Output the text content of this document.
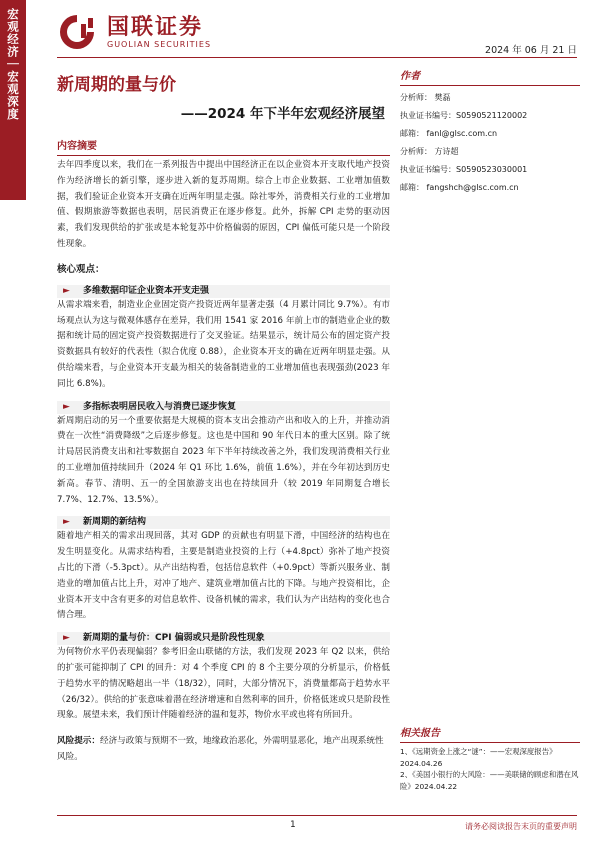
宏观经济｜宏观深度	国联证券
GUOLIAN SECURITIES
2024 年 06 月 21 日
新周期的量与价
——2024 年下半年宏观经济展望
内容摘要
去年四季度以来，我们在一系列报告中提出中国经济正在以企业资本开支取代地产投资作为经济增长的新引擎，逐步进入新的复苏周期。综合上市企业数据、工业增加值数据，我们验证企业资本开支确在近两年明显走强。除社零外，消费相关行业的工业增加值、假期旅游等数据也表明，居民消费正在逐步修复。此外，拆解 CPI 走势的驱动因素，我们发现供给的扩张或是本轮复苏中价格偏弱的原因，CPI 偏低可能只是一个阶段性现象。
核心观点：
► 多维数据印证企业资本开支走强
从需求端来看，制造业企业固定资产投资近两年显著走强（4 月累计同比 9.7%）。有市场观点认为这与微观体感存在差异，我们用 1541 家 2016 年前上市的制造业企业的数据和统计局的固定资产投资数据进行了交叉验证。结果显示，统计局公布的固定资产投资数据具有较好的代表性（拟合优度 0.88），企业资本开支的确在近两年明显走强。从供给端来看，与企业资本开支最为相关的装备制造业的工业增加值也表现强劲(2023 年同比 6.8%)。
► 多指标表明居民收入与消费已逐步恢复
新周期启动的另一个重要依据是大规模的资本支出会推动产出和收入的上升，并推动消费在一次性“消费降级”之后逐步修复。这也是中国和 90 年代日本的重大区别。除了统计局居民消费支出和社零数据自 2023 年下半年持续改善之外，我们发现消费相关行业的工业增加值持续回升（2024 年 Q1 环比 1.6%，前值 1.6%），并在今年初达到历史新高。春节、清明、五一的全国旅游支出也在持续回升（较 2019 年同期复合增长 7.7%、12.7%、13.5%）。
► 新周期的新结构
随着地产相关的需求出现回落，其对 GDP 的贡献也有明显下滑，中国经济的结构也在发生明显变化。从需求结构看，主要是制造业投资的上行（+4.8pct）弥补了地产投资占比的下滑（-5.3pct）。从产出结构看，包括信息软件（+0.9pct）等新兴服务业、制造业的增加值占比上升，对冲了地产、建筑业增加值占比的下降。与地产投资相比，企业资本开支中含有更多的对信息软件、设备机械的需求，我们认为产出结构的变化也合情合理。
► 新周期的量与价：CPI 偏弱或只是阶段性现象
为何物价水平仍表现偏弱？参考旧金山联储的方法，我们发现 2023 年 Q2 以来，供给的扩张可能抑制了 CPI 的回升：对 4 个季度 CPI 的 8 个主要分项的分析显示，价格低于趋势水平的情况略超出一半（18/32），同时，大部分情况下，消费量都高于趋势水平（26/32）。供给的扩张意味着潜在经济增速和自然利率的回升，价格低迷或只是阶段性现象。展望未来，我们预计伴随着经济的温和复苏，物价水平或也将有所回升。
风险提示：经济与政策与预期不一致，地缘政治恶化，外需明显恶化，地产出现系统性风险。
作者
分析师： 樊磊
执业证书编号：S0590521120002
邮箱： fanl@glsc.com.cn
分析师： 方诗超
执业证书编号：S0590523030001
邮箱： fangshch@glsc.com.cn
相关报告
1、《远期资金上涨之“谜”：——宏观深度报告》2024.04.26
2、《美国小银行的大风险：——美联储的顾虑和潜在风险》2024.04.22
1	请务必阅读报告末页的重要声明
